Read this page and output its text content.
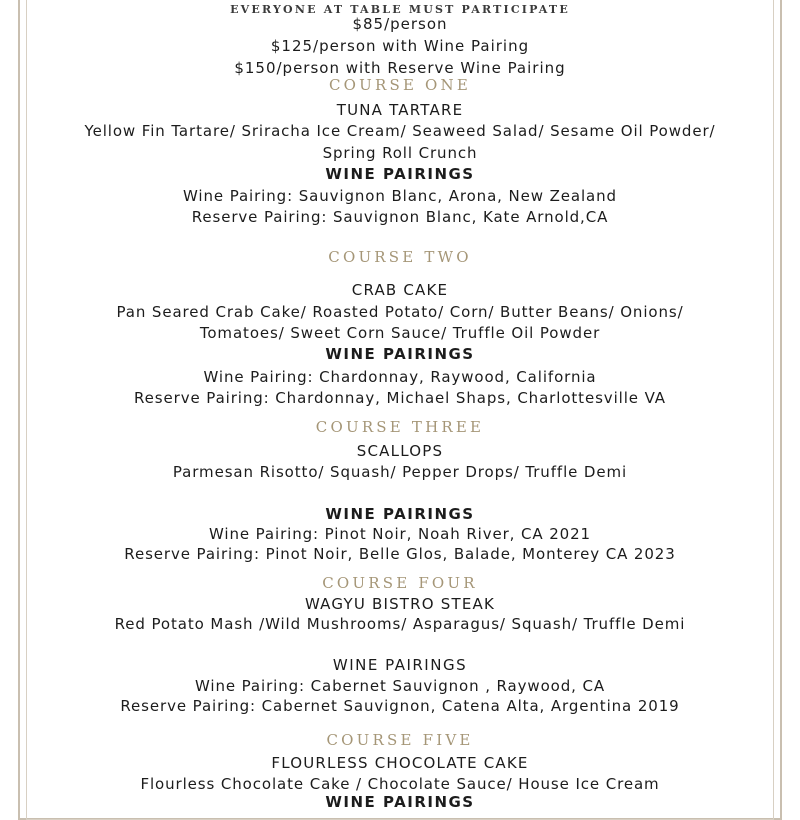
EVERYONE AT TABLE MUST PARTICIPATE
$85/person
$125/person with Wine Pairing
$150/person with Reserve Wine Pairing
COURSE ONE
TUNA TARTARE
Yellow Fin Tartare/ Sriracha Ice Cream/ Seaweed Salad/ Sesame Oil Powder/
Spring Roll Crunch
WINE PAIRINGS
Wine Pairing: Sauvignon Blanc, Arona, New Zealand
Reserve Pairing: Sauvignon Blanc, Kate Arnold,CA
COURSE TWO
CRAB CAKE
Pan Seared Crab Cake/ Roasted Potato/ Corn/ Butter Beans/ Onions/
Tomatoes/ Sweet Corn Sauce/ Truffle Oil Powder
WINE PAIRINGS
Wine Pairing: Chardonnay, Raywood, California
Reserve Pairing: Chardonnay, Michael Shaps, Charlottesville VA
COURSE THREE
SCALLOPS
Parmesan Risotto/ Squash/ Pepper Drops/ Truffle Demi
WINE PAIRINGS
Wine Pairing: Pinot Noir, Noah River, CA 2021
Reserve Pairing: Pinot Noir, Belle Glos, Balade, Monterey CA 2023
COURSE FOUR
WAGYU BISTRO STEAK
Red Potato Mash /Wild Mushrooms/ Asparagus/ Squash/ Truffle Demi
WINE PAIRINGS
Wine Pairing: Cabernet Sauvignon , Raywood, CA
Reserve Pairing: Cabernet Sauvignon, Catena Alta, Argentina 2019
COURSE FIVE
FLOURLESS CHOCOLATE CAKE
Flourless Chocolate Cake / Chocolate Sauce/ House Ice Cream
WINE PAIRINGS
